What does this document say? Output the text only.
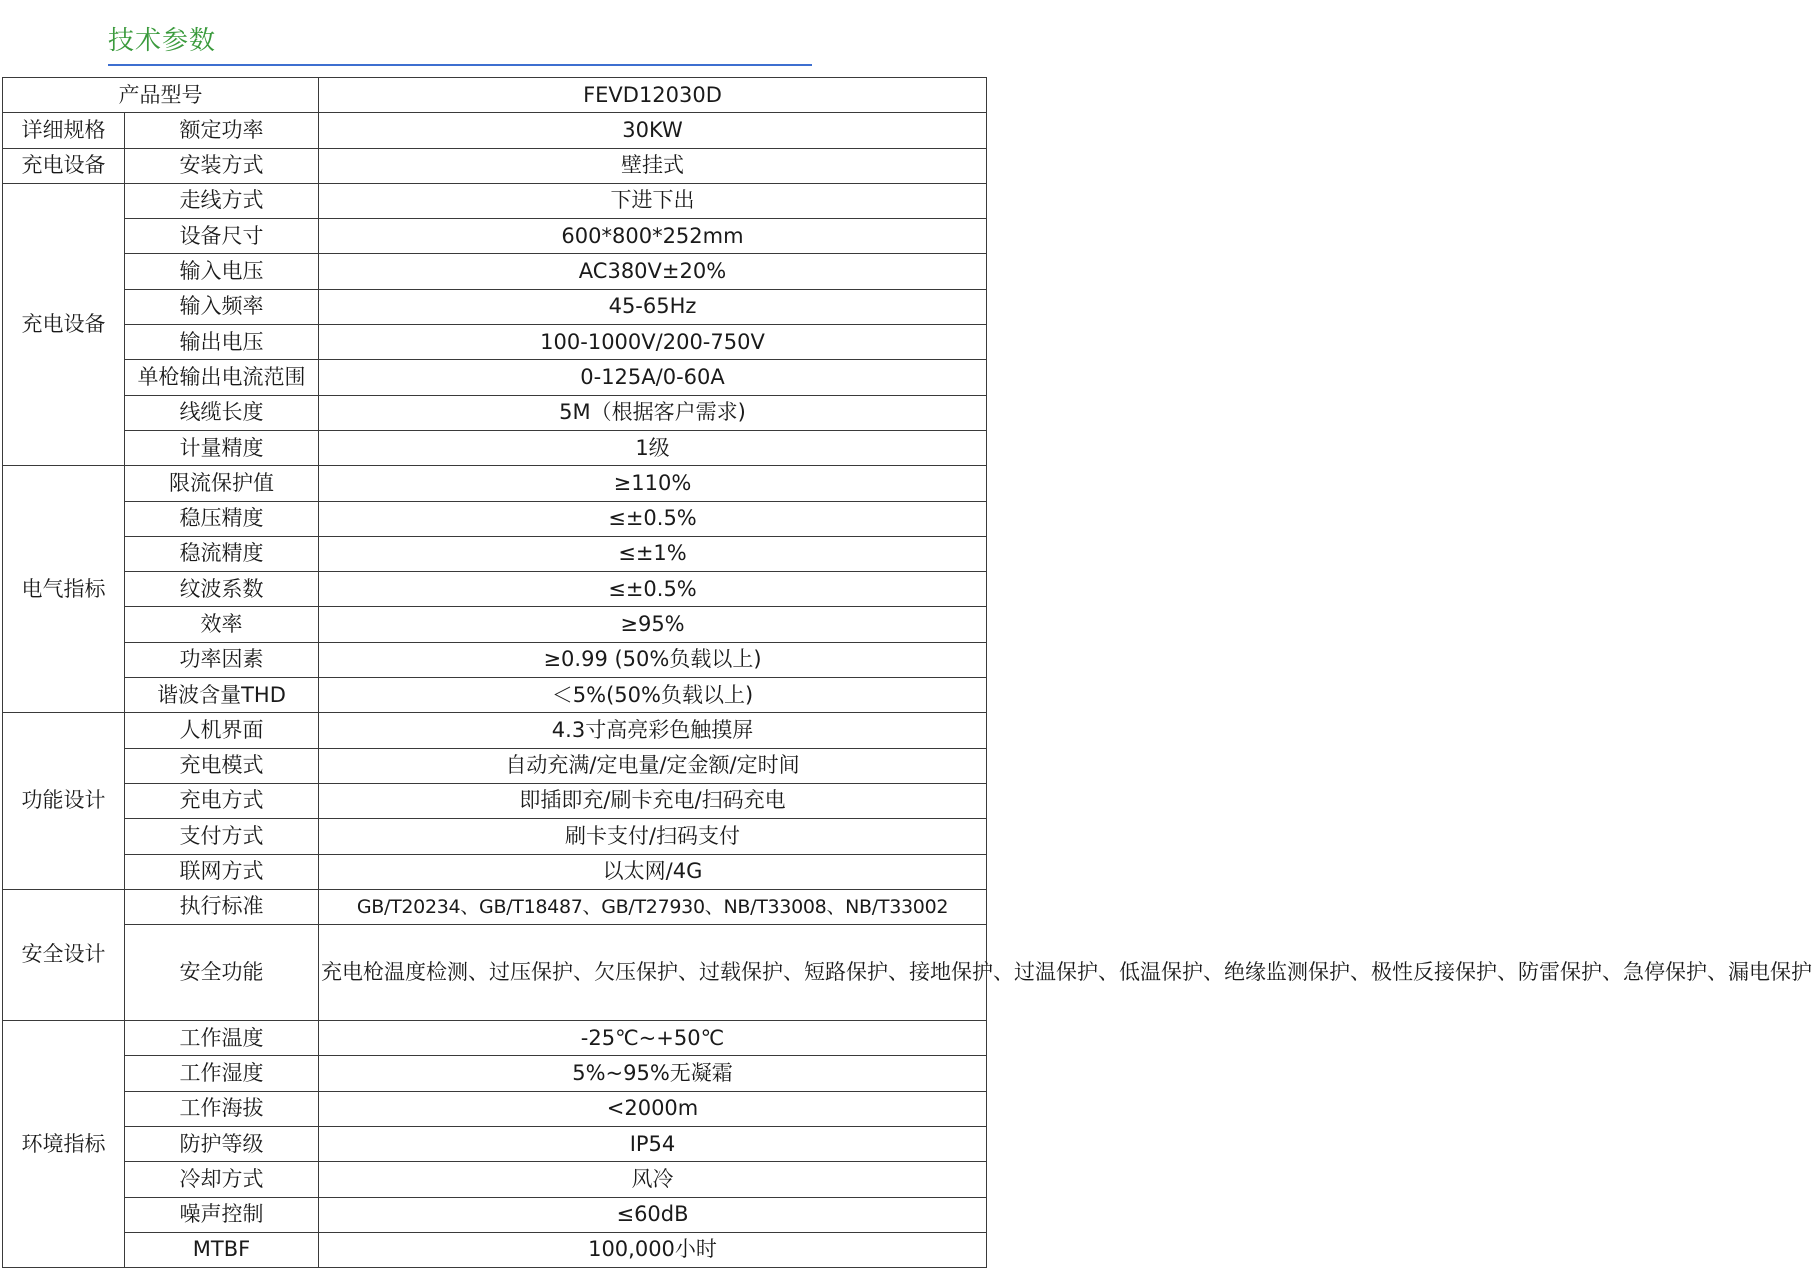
技术参数
产品型号		FEVD12030D
详细规格	额定功率	30KW
充电设备	安装方式	壁挂式
充电设备	走线方式	下进下出
	设备尺寸	600*800*252mm
	输入电压	AC380V±20%
	输入频率	45-65Hz
	输出电压	100-1000V/200-750V
	单枪输出电流范围	0-125A/0-60A
	线缆长度	5M（根据客户需求)
	计量精度	1级
电气指标	限流保护值	≥110%
	稳压精度	≤±0.5%
	稳流精度	≤±1%
	纹波系数	≤±0.5%
	效率	≥95%
	功率因素	≥0.99 (50%负载以上)
	谐波含量THD	＜5%(50%负载以上)
功能设计	人机界面	4.3寸高亮彩色触摸屏
	充电模式	自动充满/定电量/定金额/定时间
	充电方式	即插即充/刷卡充电/扫码充电
	支付方式	刷卡支付/扫码支付
	联网方式	以太网/4G
安全设计	执行标准	GB/T20234、GB/T18487、GB/T27930、NB/T33008、NB/T33002
	安全功能	充电枪温度检测、过压保护、欠压保护、过载保护、短路保护、接地保护、过温保护、低温保护、绝缘监测保护、极性反接保护、防雷保护、急停保护、漏电保护
环境指标	工作温度	-25℃~+50℃
	工作湿度	5%~95%无凝霜
	工作海拔	<2000m
	防护等级	IP54
	冷却方式	风冷
	噪声控制	≤60dB
	MTBF	100,000小时
